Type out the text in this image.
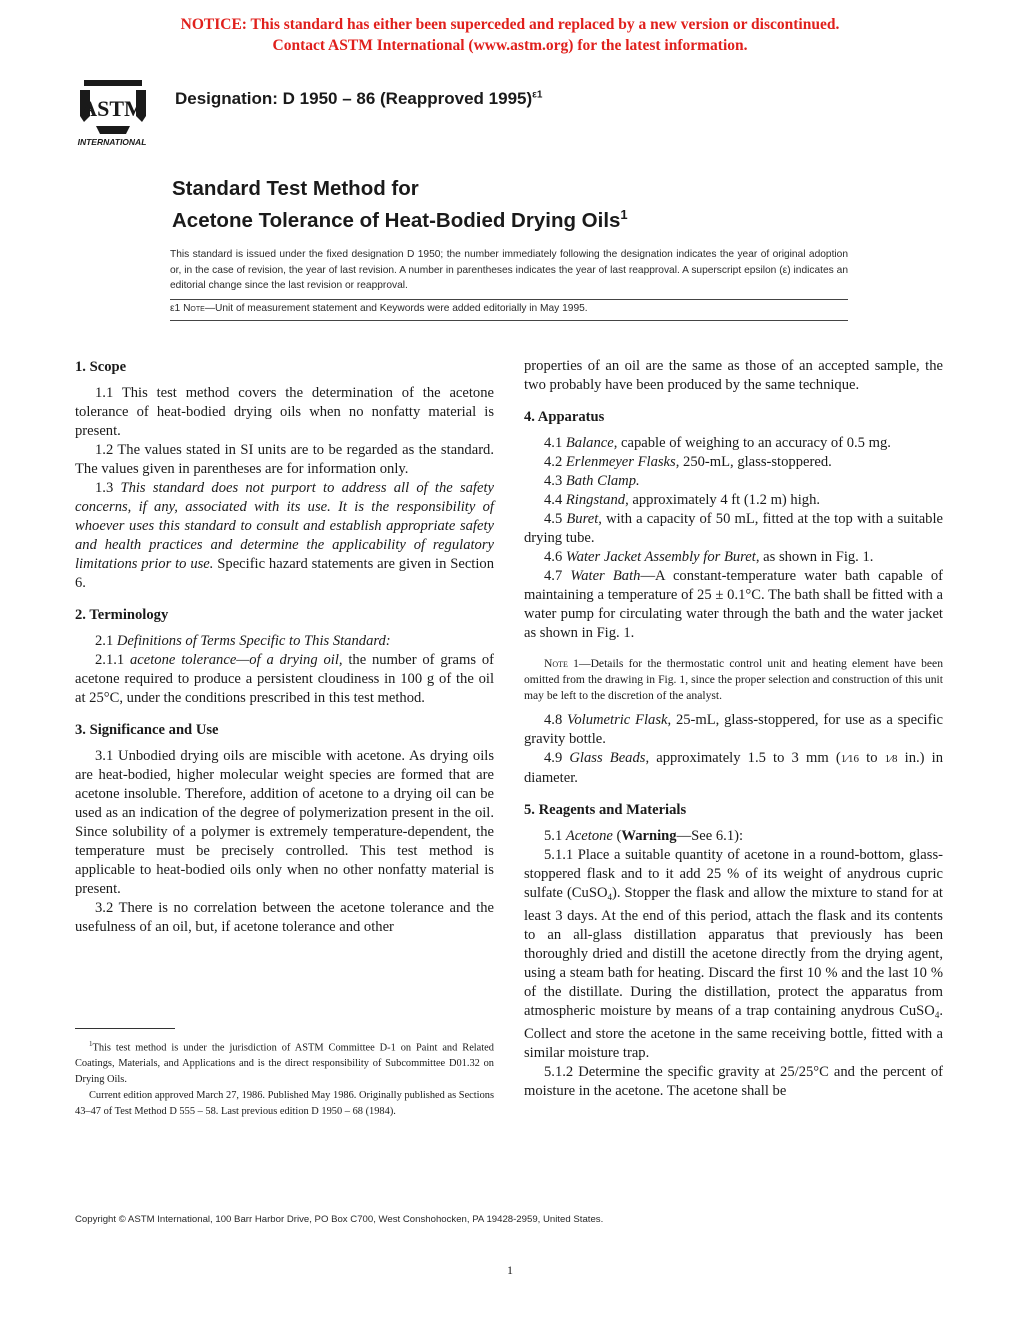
NOTICE: This standard has either been superceded and replaced by a new version or discontinued.
Contact ASTM International (www.astm.org) for the latest information.
ASTM
INTERNATIONAL
Designation: D 1950 – 86 (Reapproved 1995)$^{\varepsilon 1}$
Standard Test Method for
Acetone Tolerance of Heat-Bodied Drying Oils$^1$
This standard is issued under the fixed designation D 1950; the number immediately following the designation indicates the year of original adoption or, in the case of revision, the year of last revision. A number in parentheses indicates the year of last reapproval. A superscript epsilon (ε) indicates an editorial change since the last revision or reapproval.
ε1 Note—Unit of measurement statement and Keywords were added editorially in May 1995.
1. Scope

1.1 This test method covers the determination of the acetone tolerance of heat-bodied drying oils when no nonfatty material is present.

1.2 The values stated in SI units are to be regarded as the standard. The values given in parentheses are for information only.

1.3 This standard does not purport to address all of the safety concerns, if any, associated with its use. It is the responsibility of whoever uses this standard to consult and establish appropriate safety and health practices and determine the applicability of regulatory limitations prior to use. Specific hazard statements are given in Section 6.

2. Terminology

2.1 Definitions of Terms Specific to This Standard:

2.1.1 acetone tolerance—of a drying oil, the number of grams of acetone required to produce a persistent cloudiness in 100 g of the oil at 25°C, under the conditions prescribed in this test method.

3. Significance and Use

3.1 Unbodied drying oils are miscible with acetone. As drying oils are heat-bodied, higher molecular weight species are formed that are acetone insoluble. Therefore, addition of acetone to a drying oil can be used as an indication of the degree of polymerization present in the oil. Since solubility of a polymer is extremely temperature-dependent, the temperature must be precisely controlled. This test method is applicable to heat-bodied oils only when no other nonfatty material is present.

3.2 There is no correlation between the acetone tolerance and the usefulness of an oil, but, if acetone tolerance and other

properties of an oil are the same as those of an accepted sample, the two probably have been produced by the same technique.

4. Apparatus

4.1 Balance, capable of weighing to an accuracy of 0.5 mg.

4.2 Erlenmeyer Flasks, 250-mL, glass-stoppered.

4.3 Bath Clamp.

4.4 Ringstand, approximately 4 ft (1.2 m) high.

4.5 Buret, with a capacity of 50 mL, fitted at the top with a suitable drying tube.

4.6 Water Jacket Assembly for Buret, as shown in Fig. 1.

4.7 Water Bath—A constant-temperature water bath capable of maintaining a temperature of 25 ± 0.1°C. The bath shall be fitted with a water pump for circulating water through the bath and the water jacket as shown in Fig. 1.

Note 1—Details for the thermostatic control unit and heating element have been omitted from the drawing in Fig. 1, since the proper selection and construction of this unit may be left to the discretion of the analyst.

4.8 Volumetric Flask, 25-mL, glass-stoppered, for use as a specific gravity bottle.

4.9 Glass Beads, approximately 1.5 to 3 mm (1⁄16 to 1⁄8 in.) in diameter.

5. Reagents and Materials

5.1 Acetone (Warning—See 6.1):

5.1.1 Place a suitable quantity of acetone in a round-bottom, glass-stoppered flask and to it add 25 % of its weight of anydrous cupric sulfate (CuSO$_4$). Stopper the flask and allow the mixture to stand for at least 3 days. At the end of this period, attach the flask and its contents to an all-glass distillation apparatus that previously has been thoroughly dried and distill the acetone directly from the drying agent, using a steam bath for heating. Discard the first 10 % and the last 10 % of the distillate. During the distillation, protect the apparatus from atmospheric moisture by means of a trap containing anydrous CuSO$_4$. Collect and store the acetone in the same receiving bottle, fitted with a similar moisture trap.

5.1.2 Determine the specific gravity at 25/25°C and the percent of moisture in the acetone. The acetone shall be

$^1$This test method is under the jurisdiction of ASTM Committee D-1 on Paint and Related Coatings, Materials, and Applications and is the direct responsibility of Subcommittee D01.32 on Drying Oils.

Current edition approved March 27, 1986. Published May 1986. Originally published as Sections 43–47 of Test Method D 555 – 58. Last previous edition D 1950 – 68 (1984).

Copyright © ASTM International, 100 Barr Harbor Drive, PO Box C700, West Conshohocken, PA 19428-2959, United States.
1
